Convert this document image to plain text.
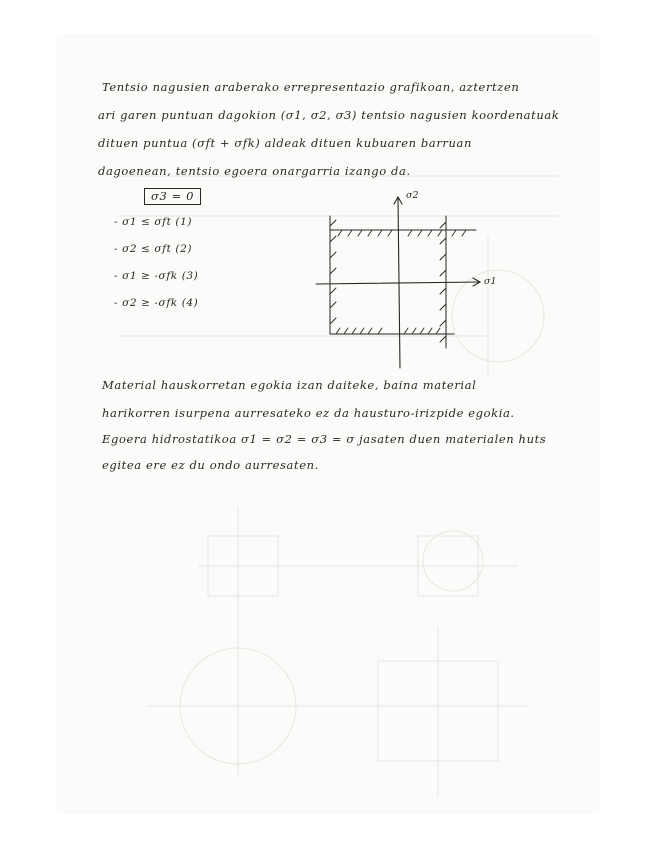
Tentsio nagusien araberako errepresentazio grafikoan, aztertzen
ari garen puntuan dagokion (σ1, σ2, σ3) tentsio nagusien koordenatuak
dituen puntua (σft + σfk) aldeak dituen kubuaren barruan
dagoenean, tentsio egoera onargarria izango da.
σ3 = 0
- σ1 ≤ σft (1)
- σ2 ≤ σft (2)
- σ1 ≥ -σfk (3)
- σ2 ≥ -σfk (4)
σ2
σ1
Material hauskorretan egokia izan daiteke, baina material
harikorren isurpena aurresateko ez da hausturo-irizpide egokia.
Egoera hidrostatikoa σ1 = σ2 = σ3 = σ jasaten duen materialen huts
egitea ere ez du ondo aurresaten.
